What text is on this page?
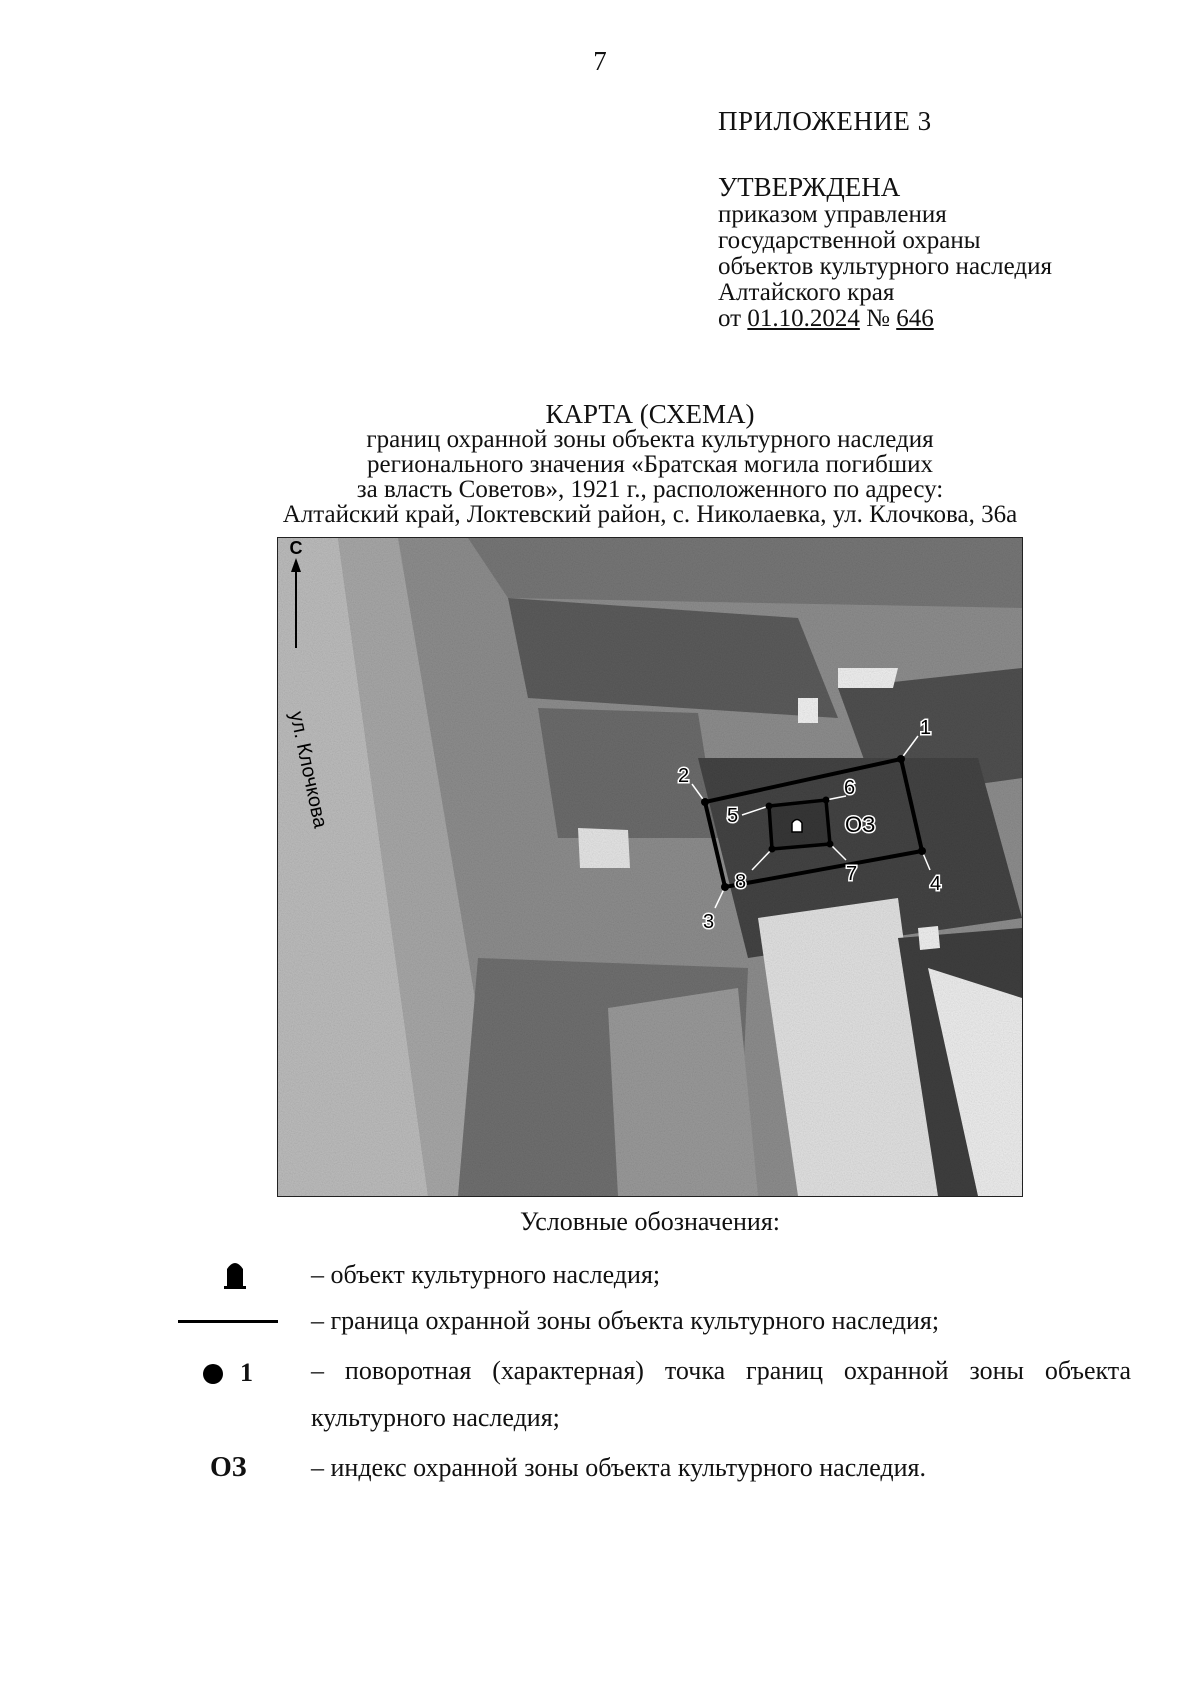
7
ПРИЛОЖЕНИЕ 3
УТВЕРЖДЕНА
приказом управления
государственной охраны
объектов культурного наследия
Алтайского края
от 01.10.2024 № 646
КАРТА (СХЕМА)
границ охранной зоны объекта культурного наследия
регионального значения «Братская могила погибших
за власть Советов», 1921 г., расположенного по адресу:
Алтайский край, Локтевский район, с. Николаевка, ул. Клочкова, 36а
С
ул. Клочкова	1
2
3
4
5
6
7
8
ОЗ
Условные обозначения:
– объект культурного наследия;
– граница охранной зоны объекта культурного наследия;
1 – поворотная (характерная) точка границ охранной зоны объекта
культурного наследия;
ОЗ – индекс охранной зоны объекта культурного наследия.
